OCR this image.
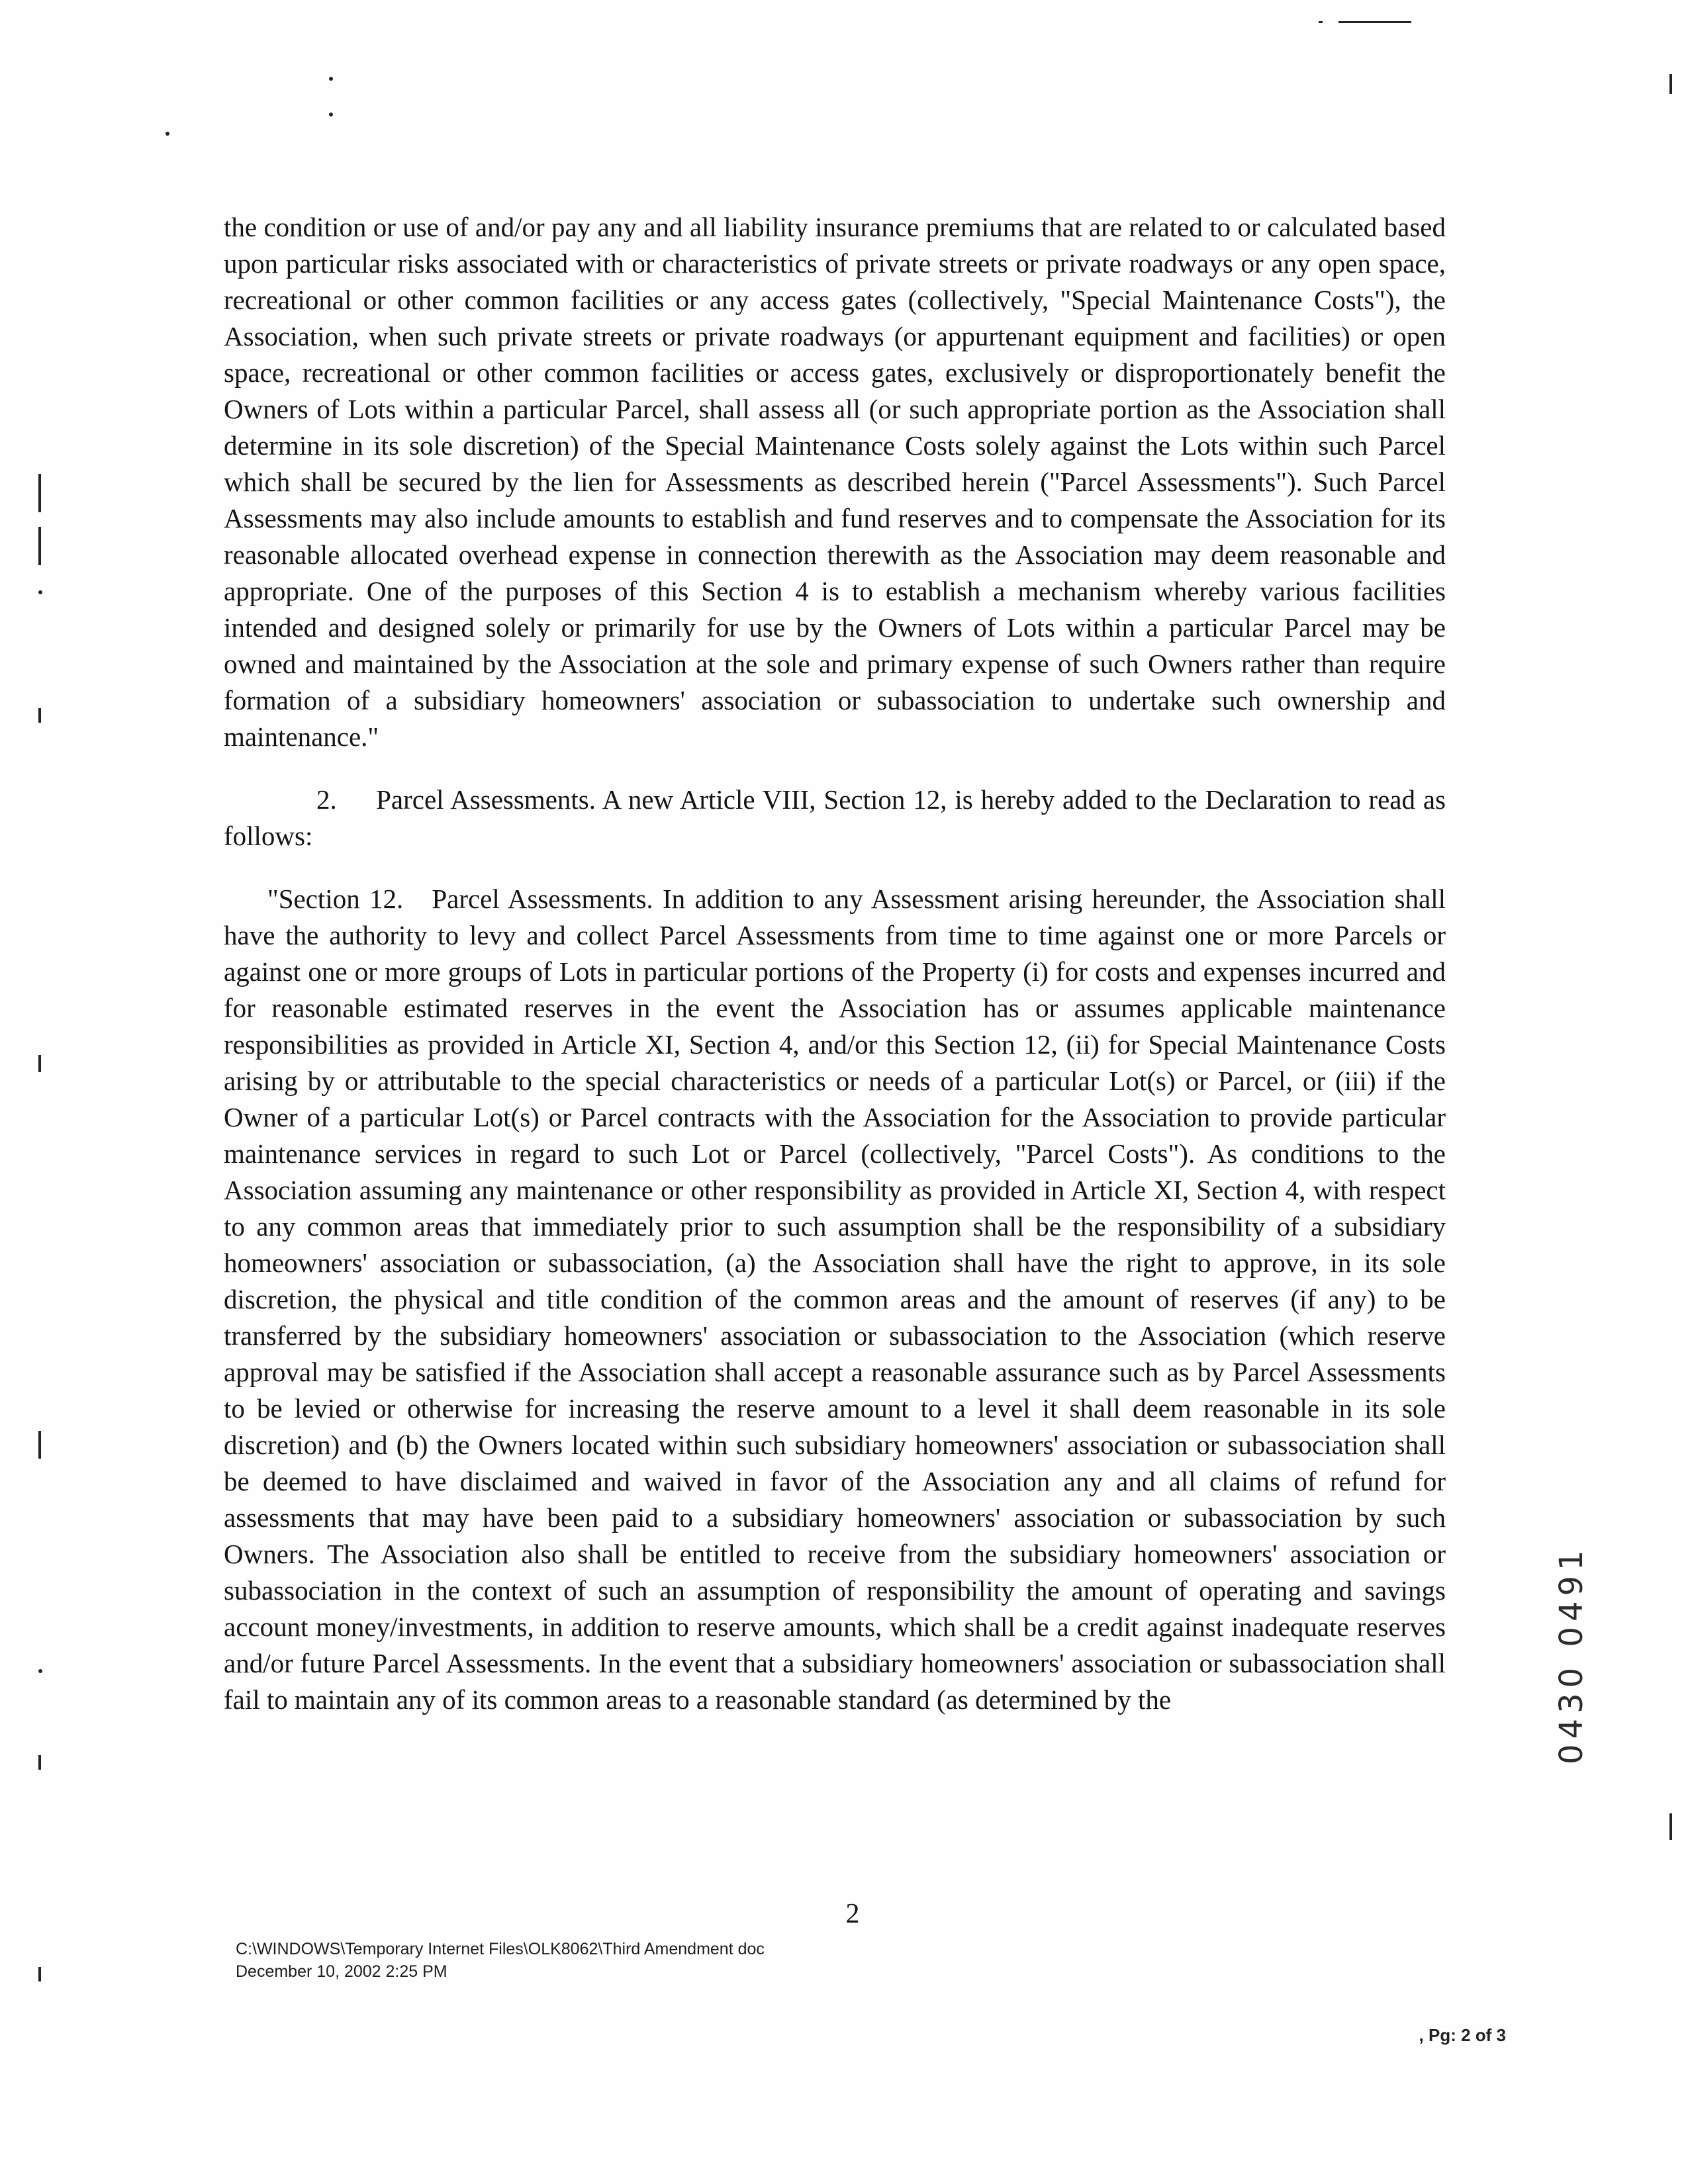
the condition or use of and/or pay any and all liability insurance premiums that are related to or calculated based upon particular risks associated with or characteristics of private streets or private roadways or any open space, recreational or other common facilities or any access gates (collectively, "Special Maintenance Costs"), the Association, when such private streets or private roadways (or appurtenant equipment and facilities) or open space, recreational or other common facilities or access gates, exclusively or disproportionately benefit the Owners of Lots within a particular Parcel, shall assess all (or such appropriate portion as the Association shall determine in its sole discretion) of the Special Maintenance Costs solely against the Lots within such Parcel which shall be secured by the lien for Assessments as described herein ("Parcel Assessments"). Such Parcel Assessments may also include amounts to establish and fund reserves and to compensate the Association for its reasonable allocated overhead expense in connection therewith as the Association may deem reasonable and appropriate. One of the purposes of this Section 4 is to establish a mechanism whereby various facilities intended and designed solely or primarily for use by the Owners of Lots within a particular Parcel may be owned and maintained by the Association at the sole and primary expense of such Owners rather than require formation of a subsidiary homeowners' association or subassociation to undertake such ownership and maintenance."

2.     Parcel Assessments. A new Article VIII, Section 12, is hereby added to the Declaration to read as follows:

"Section 12.   Parcel Assessments. In addition to any Assessment arising hereunder, the Association shall have the authority to levy and collect Parcel Assessments from time to time against one or more Parcels or against one or more groups of Lots in particular portions of the Property (i) for costs and expenses incurred and for reasonable estimated reserves in the event the Association has or assumes applicable maintenance responsibilities as provided in Article XI, Section 4, and/or this Section 12, (ii) for Special Maintenance Costs arising by or attributable to the special characteristics or needs of a particular Lot(s) or Parcel, or (iii) if the Owner of a particular Lot(s) or Parcel contracts with the Association for the Association to provide particular maintenance services in regard to such Lot or Parcel (collectively, "Parcel Costs"). As conditions to the Association assuming any maintenance or other responsibility as provided in Article XI, Section 4, with respect to any common areas that immediately prior to such assumption shall be the responsibility of a subsidiary homeowners' association or subassociation, (a) the Association shall have the right to approve, in its sole discretion, the physical and title condition of the common areas and the amount of reserves (if any) to be transferred by the subsidiary homeowners' association or subassociation to the Association (which reserve approval may be satisfied if the Association shall accept a reasonable assurance such as by Parcel Assessments to be levied or otherwise for increasing the reserve amount to a level it shall deem reasonable in its sole discretion) and (b) the Owners located within such subsidiary homeowners' association or subassociation shall be deemed to have disclaimed and waived in favor of the Association any and all claims of refund for assessments that may have been paid to a subsidiary homeowners' association or subassociation by such Owners. The Association also shall be entitled to receive from the subsidiary homeowners' association or subassociation in the context of such an assumption of responsibility the amount of operating and savings account money/investments, in addition to reserve amounts, which shall be a credit against inadequate reserves and/or future Parcel Assessments. In the event that a subsidiary homeowners' association or subassociation shall fail to maintain any of its common areas to a reasonable standard (as determined by the

2
C:\WINDOWS\Temporary Internet Files\OLK8062\Third Amendment doc
December 10, 2002 2:25 PM
, Pg: 2 of 3
0430 0491
